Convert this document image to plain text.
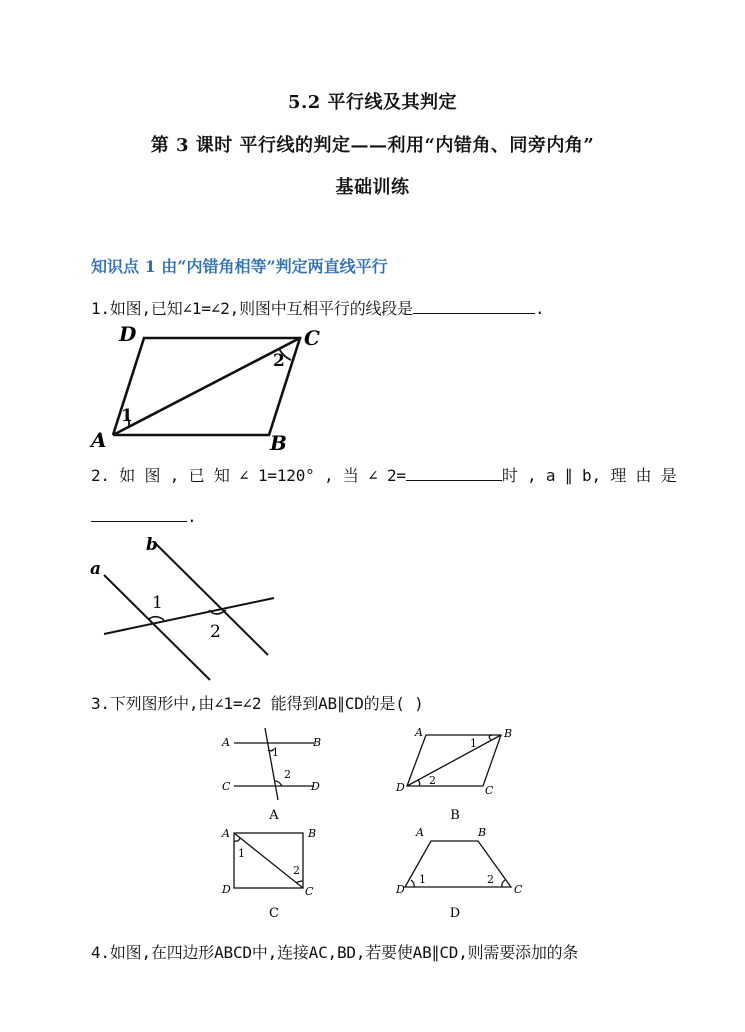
5.2 平行线及其判定
第 3 课时 平行线的判定——利用“内错角、同旁内角”
基础训练
知识点 1 由“内错角相等”判定两直线平行
1.如图,已知∠1=∠2,则图中互相平行的线段是	.
D	C
A	B
1
2
2. 如 图 , 已 知 ∠ 1=120° , 当 ∠ 2=	时 , a ∥ b, 理 由 是
.
a
b
1
2
3.下列图形中,由∠1=∠2 能得到AB∥CD的是( )
A	B
C	D
1
2
A
A	B
C
D
1
2
B
A	B
C
D
1
2
C
A	B
C
D
1	2
D
4.如图,在四边形ABCD中,连接AC,BD,若要使AB∥CD,则需要添加的条
